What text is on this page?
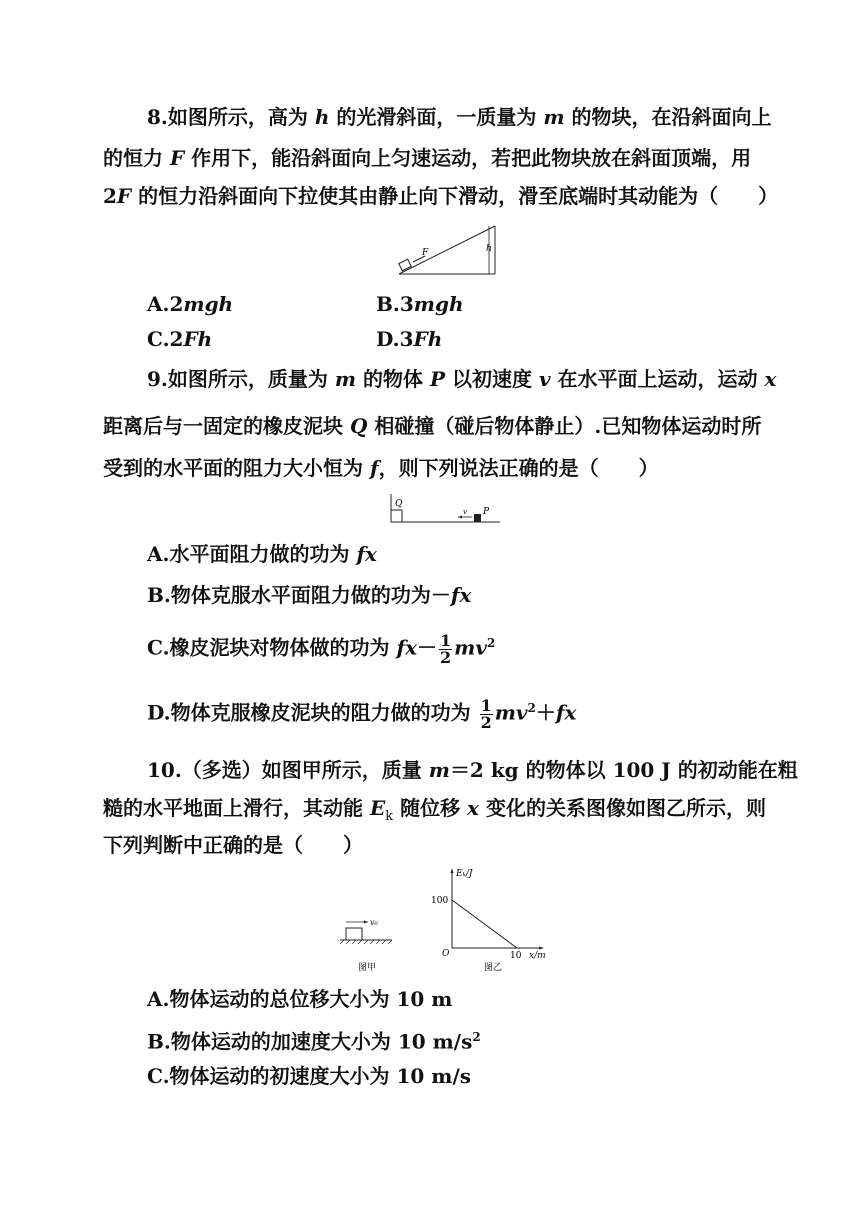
8.如图所示，高为 h 的光滑斜面，一质量为 m 的物块，在沿斜面向上
的恒力 F 作用下，能沿斜面向上匀速运动，若把此物块放在斜面顶端，用
2F 的恒力沿斜面向下拉使其由静止向下滑动，滑至底端时其动能为（　　）
F	h
A.2mgh	B.3mgh
C.2Fh	D.3Fh
9.如图所示，质量为 m 的物体 P 以初速度 v 在水平面上运动，运动 x
距离后与一固定的橡皮泥块 Q 相碰撞（碰后物体静止）.已知物体运动时所
受到的水平面的阻力大小恒为 f，则下列说法正确的是（　　）
Q
v P
A.水平面阻力做的功为 fx
B.物体克服水平面阻力做的功为－fx
C.橡皮泥块对物体做的功为 $fx- \frac{1}{2} mv^2$
D.物体克服橡皮泥块的阻力做的功为 $\frac{1}{2} mv^2+fx$
10.（多选）如图甲所示，质量 m＝2 kg 的物体以 100 J 的初动能在粗
糙的水平地面上滑行，其动能 $E_k$ 随位移 x 变化的关系图像如图乙所示，则
下列判断中正确的是（　　）
v₀
图甲
Eₖ/J
x/m
O
100
10
图乙
A.物体运动的总位移大小为 10 m
B.物体运动的加速度大小为 10 $m/s^2$
C.物体运动的初速度大小为 10 m/s
